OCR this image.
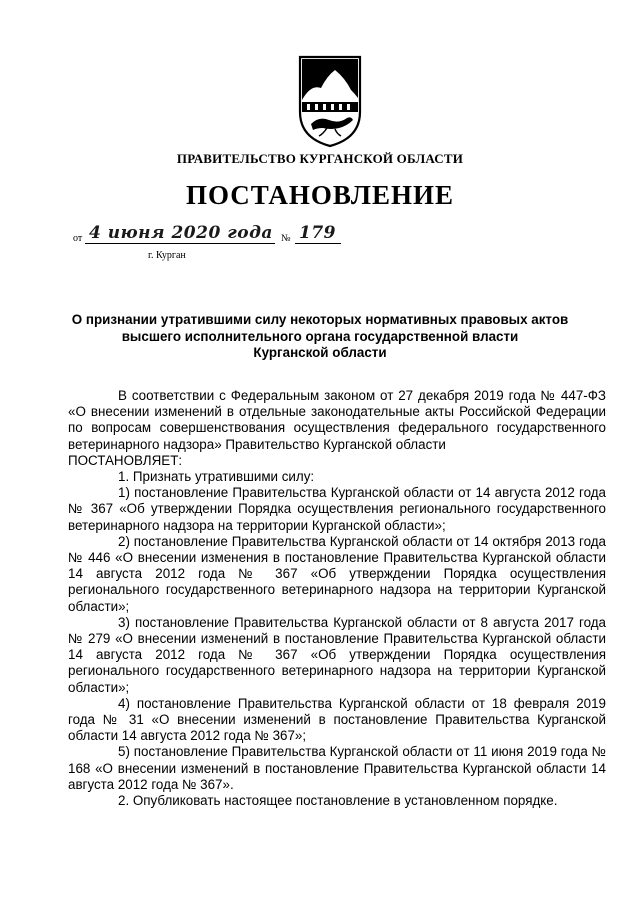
ПРАВИТЕЛЬСТВО КУРГАНСКОЙ ОБЛАСТИ
ПОСТАНОВЛЕНИЕ
от 4 июня 2020 года № 179
г. Курган
О признании утратившими силу некоторых нормативных правовых актов
высшего исполнительного органа государственной власти
Курганской области

В соответствии с Федеральным законом от 27 декабря 2019 года № 447-ФЗ «О внесении изменений в отдельные законодательные акты Российской Федерации по вопросам совершенствования осуществления федерального государственного ветеринарного надзора» Правительство Курганской области

ПОСТАНОВЛЯЕТ:

1. Признать утратившими силу:

1) постановление Правительства Курганской области от 14 августа 2012 года № 367 «Об утверждении Порядка осуществления регионального государственного ветеринарного надзора на территории Курганской области»;

2) постановление Правительства Курганской области от 14 октября 2013 года № 446 «О внесении изменения в постановление Правительства Курганской области 14 августа 2012 года № 367 «Об утверждении Порядка осуществления регионального государственного ветеринарного надзора на территории Курганской области»;

3) постановление Правительства Курганской области от 8 августа 2017 года № 279 «О внесении изменений в постановление Правительства Курганской области 14 августа 2012 года № 367 «Об утверждении Порядка осуществления регионального государственного ветеринарного надзора на территории Курганской области»;

4) постановление Правительства Курганской области от 18 февраля 2019 года № 31 «О внесении изменений в постановление Правительства Курганской области 14 августа 2012 года № 367»;

5) постановление Правительства Курганской области от 11 июня 2019 года № 168 «О внесении изменений в постановление Правительства Курганской области 14 августа 2012 года № 367».

2. Опубликовать настоящее постановление в установленном порядке.
